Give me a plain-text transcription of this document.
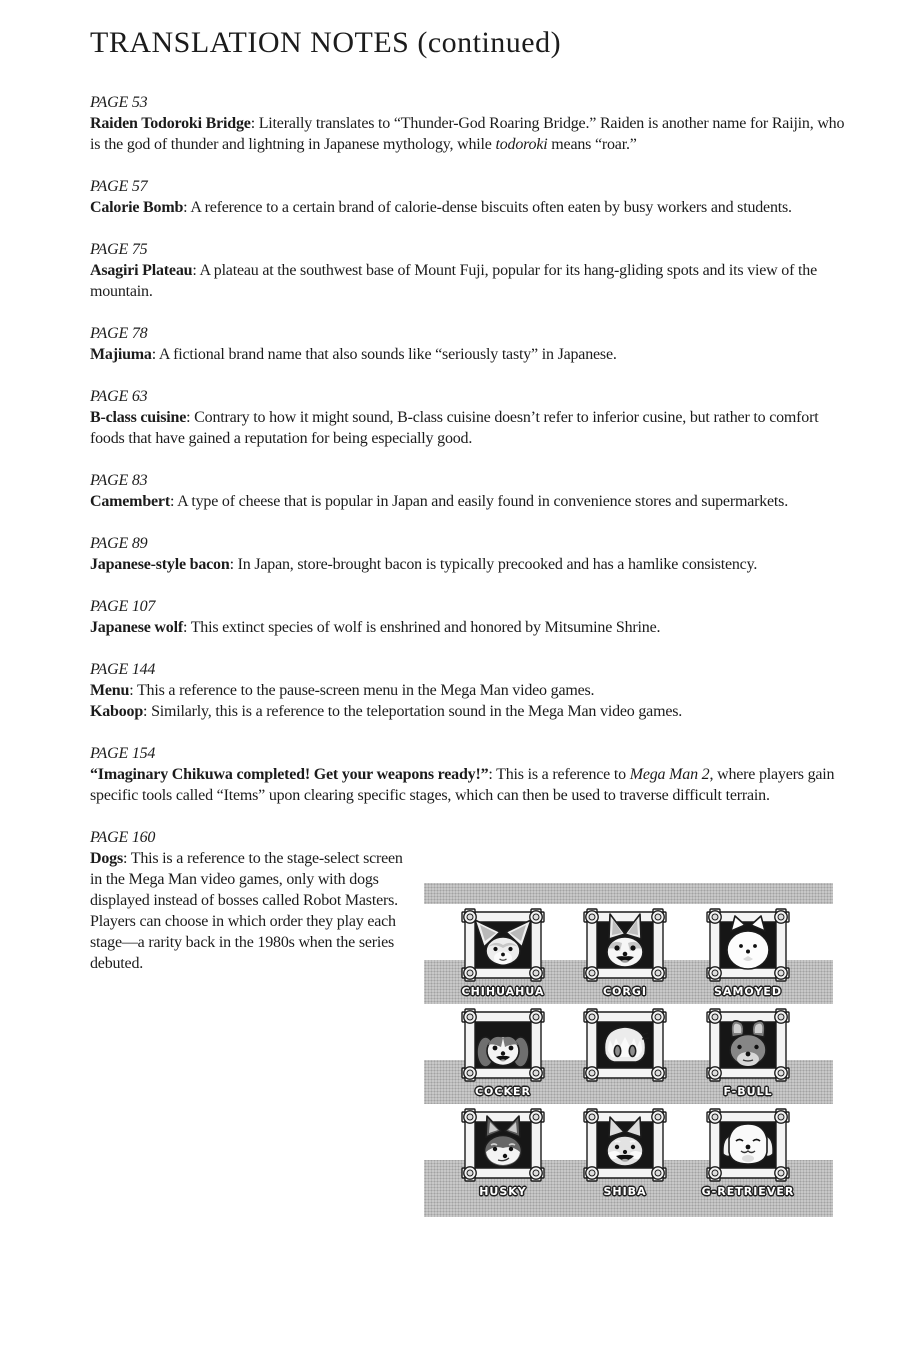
TRANSLATION NOTES (continued)
PAGE 53

Raiden Todoroki Bridge: Literally translates to “Thunder-God Roaring Bridge.” Raiden is another name for Raijin, who is the god of thunder and lightning in Japanese mythology, while todoroki means “roar.”

PAGE 57

Calorie Bomb: A reference to a certain brand of calorie-dense biscuits often eaten by busy workers and students.

PAGE 75

Asagiri Plateau: A plateau at the southwest base of Mount Fuji, popular for its hang-gliding spots and its view of the mountain.

PAGE 78

Majiuma: A fictional brand name that also sounds like “seriously tasty” in Japanese.

PAGE 63

B-class cuisine: Contrary to how it might sound, B-class cuisine doesn’t refer to inferior cusine, but rather to comfort foods that have gained a reputation for being especially good.

PAGE 83

Camembert: A type of cheese that is popular in Japan and easily found in convenience stores and supermarkets.

PAGE 89

Japanese-style bacon: In Japan, store-brought bacon is typically precooked and has a hamlike consistency.

PAGE 107

Japanese wolf: This extinct species of wolf is enshrined and honored by Mitsumine Shrine.

PAGE 144

Menu: This a reference to the pause-screen menu in the Mega Man video games.

Kaboop: Similarly, this is a reference to the teleportation sound in the Mega Man video games.

PAGE 154

“Imaginary Chikuwa completed! Get your weapons ready!”: This is a reference to Mega Man 2, where players gain specific tools called “Items” upon clearing specific stages, which can then be used to traverse difficult terrain.

PAGE 160

Dogs: This is a reference to the stage-select screen in the Mega Man video games, only with dogs displayed instead of bosses called Robot Masters. Players can choose in which order they play each stage—a rarity back in the 1980s when the series debuted.

CHIHUAHUA	CORGI	SAMOYED
COCKER	F-BULL
HUSKY	SHIBA	G-RETRIEVER
